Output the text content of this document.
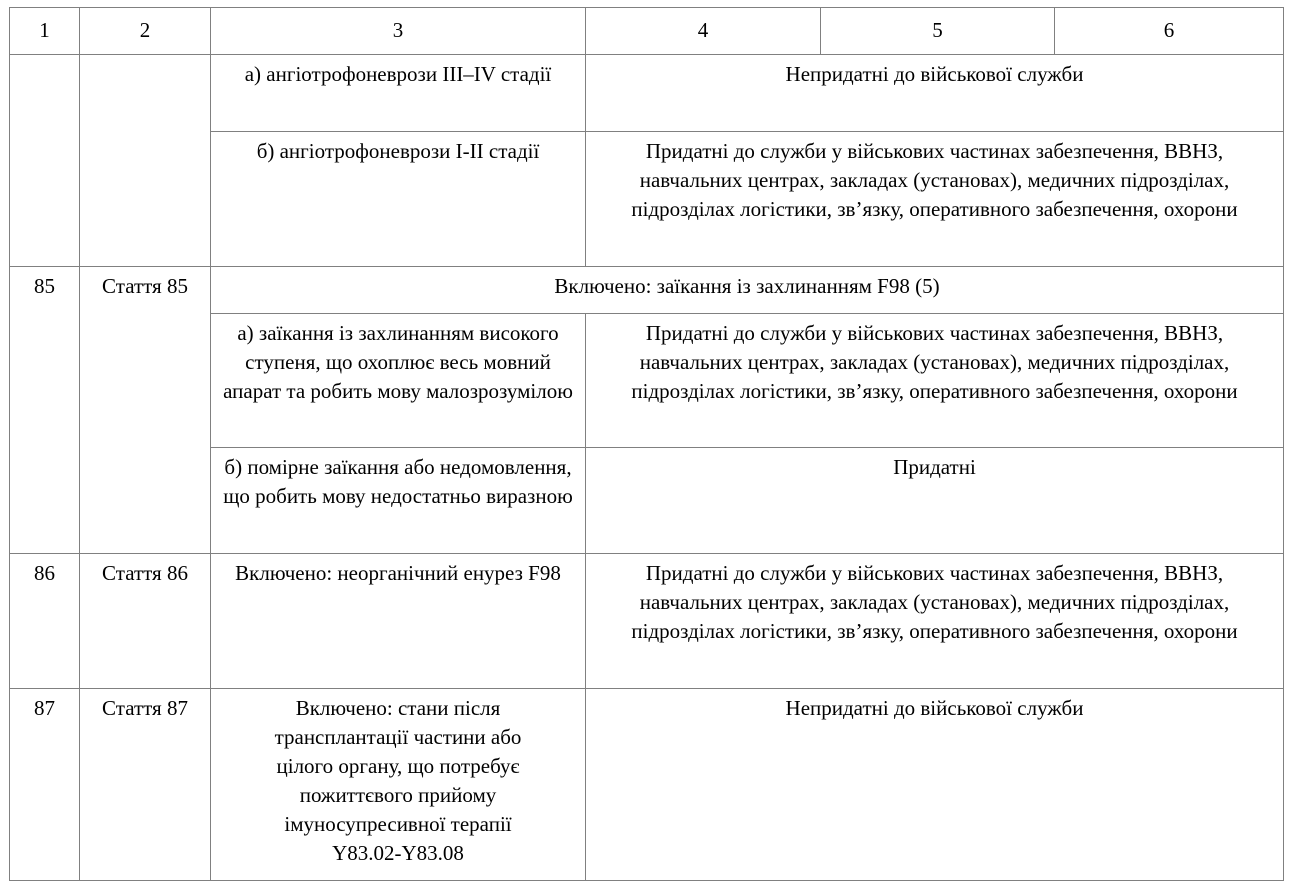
1	2	3	4	5	6
		а) ангіотрофоневрози III–IV стадії	Непридатні до військової служби		
		б) ангіотрофоневрози I-II стадії	Придатні до служби у військових частинах забезпечення, ВВНЗ, навчальних центрах, закладах (установах), медичних підрозділах, підрозділах логістики, зв’язку, оперативного забезпечення, охорони		
85	Стаття 85	Включено: заїкання із захлинанням F98 (5)			
		а) заїкання із захлинанням високого ступеня, що охоплює весь мовний апарат та робить мову малозрозумілою	Придатні до служби у військових частинах забезпечення, ВВНЗ, навчальних центрах, закладах (установах), медичних підрозділах, підрозділах логістики, зв’язку, оперативного забезпечення, охорони		
		б) помірне заїкання або недомовлення, що робить мову недостатньо виразною	Придатні		
86	Стаття 86	Включено: неорганічний енурез F98	Придатні до служби у військових частинах забезпечення, ВВНЗ, навчальних центрах, закладах (установах), медичних підрозділах, підрозділах логістики, зв’язку, оперативного забезпечення, охорони		
87	Стаття 87	Включено: стани після трансплантації частини або цілого органу, що потребує пожиттєвого прийому імуносупресивної терапії Y83.02-Y83.08	Непридатні до військової служби		
